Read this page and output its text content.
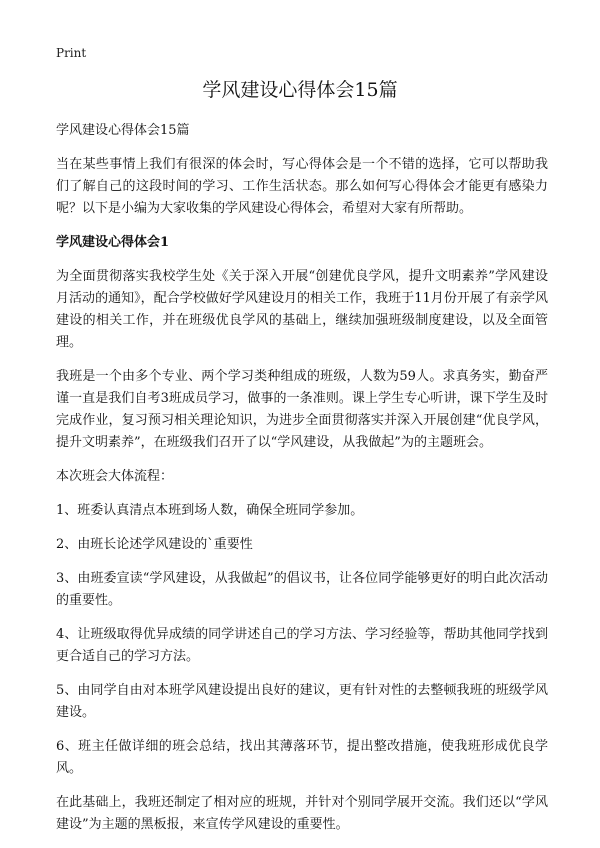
Print
学风建设心得体会15篇

学风建设心得体会15篇

当在某些事情上我们有很深的体会时，写心得体会是一个不错的选择，它可以帮助我们了解自己的这段时间的学习、工作生活状态。那么如何写心得体会才能更有感染力呢？以下是小编为大家收集的学风建设心得体会，希望对大家有所帮助。

学风建设心得体会1

为全面贯彻落实我校学生处《关于深入开展“创建优良学风，提升文明素养”学风建设月活动的通知》，配合学校做好学风建设月的相关工作，我班于11月份开展了有亲学风建设的相关工作，并在班级优良学风的基础上，继续加强班级制度建设，以及全面管理。

我班是一个由多个专业、两个学习类种组成的班级，人数为59人。求真务实，勤奋严谨一直是我们自考3班成员学习，做事的一条准则。课上学生专心听讲，课下学生及时完成作业，复习预习相关理论知识，为进步全面贯彻落实并深入开展创建“优良学风，提升文明素养”，在班级我们召开了以“学风建设，从我做起”为的主题班会。

本次班会大体流程：

1、班委认真清点本班到场人数，确保全班同学参加。
2、由班长论述学风建设的`重要性
3、由班委宣读“学风建设，从我做起”的倡议书，让各位同学能够更好的明白此次活动的重要性。
4、让班级取得优异成绩的同学讲述自己的学习方法、学习经验等，帮助其他同学找到更合适自己的学习方法。
5、由同学自由对本班学风建设提出良好的建议，更有针对性的去整顿我班的班级学风建设。
6、班主任做详细的班会总结，找出其薄落环节，提出整改措施，使我班形成优良学风。

在此基础上，我班还制定了相对应的班规，并针对个别同学展开交流。我们还以“学风建设”为主题的黑板报，来宣传学风建设的重要性。
